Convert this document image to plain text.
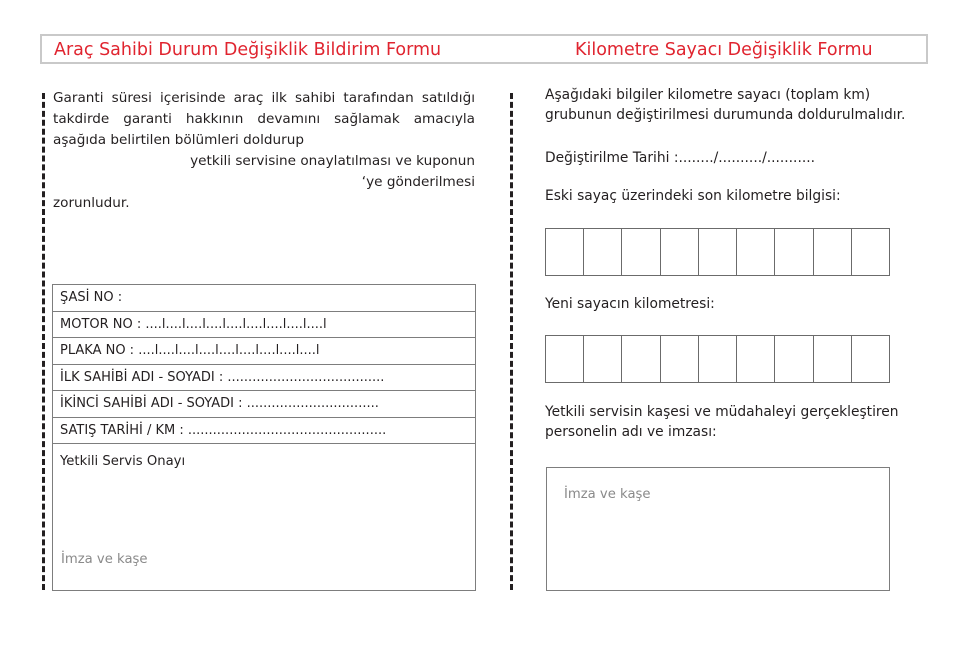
Araç Sahibi Durum Değişiklik Bildirim Formu	Kilometre Sayacı Değişiklik Formu

Garanti süresi içerisinde araç ilk sahibi tarafından satıldığı takdirde garanti hakkının devamını sağlamak amacıyla aşağıda belirtilen bölümleri doldurup

yetkili servisine onaylatılması ve kuponun

‘ye gönderilmesi

zorunludur.

ŞASİ NO :
MOTOR NO : ....l....l....l....l....l....l....l....l....l
PLAKA NO : ....l....l....l....l....l....l....l....l....l
İLK SAHİBİ ADI - SOYADI : ......................................
İKİNCİ SAHİBİ ADI - SOYADI : ................................
SATIŞ TARİHİ / KM : ................................................
Yetkili Servis Onayı
İmza ve kaşe
Aşağıdaki bilgiler kilometre sayacı (toplam km) grubunun değiştirilmesi durumunda doldurulmalıdır.
Değiştirilme Tarihi :......../........../...........
Eski sayaç üzerindeki son kilometre bilgisi:
Yeni sayacın kilometresi:
Yetkili servisin kaşesi ve müdahaleyi gerçekleştiren personelin adı ve imzası:
İmza ve kaşe
